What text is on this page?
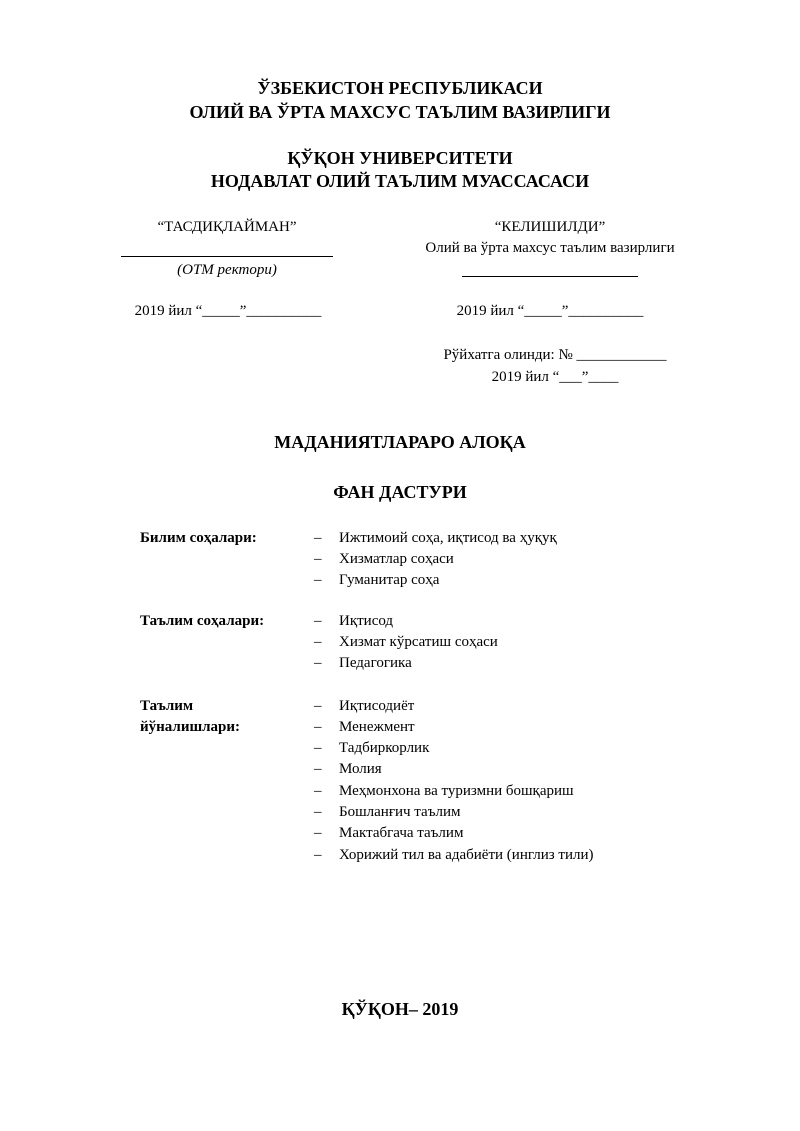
ЎЗБЕКИСТОН РЕСПУБЛИКАСИ
ОЛИЙ ВА ЎРТА МАХСУС ТАЪЛИМ ВАЗИРЛИГИ
ҚЎҚОН УНИВЕРСИТЕТИ
НОДАВЛАТ ОЛИЙ ТАЪЛИМ МУАССАСАСИ
“ТАСДИҚЛАЙМАН”
(ОТМ ректори)
2019 йил “_____”__________
“КЕЛИШИЛДИ”
Олий ва ўрта махсус таълим вазирлиги
2019 йил “_____”__________
Рўйхатга олинди: № ____________
2019 йил “___”____
МАДАНИЯТЛАРАРО АЛОҚА
ФАН ДАСТУРИ
Билим соҳалари:	– Ижтимоий соҳа, иқтисод ва ҳуқуқ
– Хизматлар соҳаси
– Гуманитар соҳа
Таълим соҳалари:	– Иқтисод
– Хизмат кўрсатиш соҳаси
– Педагогика
Таълим
йўналишлари:
– Иқтисодиёт
– Менежмент
– Тадбиркорлик
– Молия
– Меҳмонхона ва туризмни бошқариш
– Бошланғич таълим
– Мактабгача таълим
– Хорижий тил ва адабиёти (инглиз тили)
ҚЎҚОН– 2019
